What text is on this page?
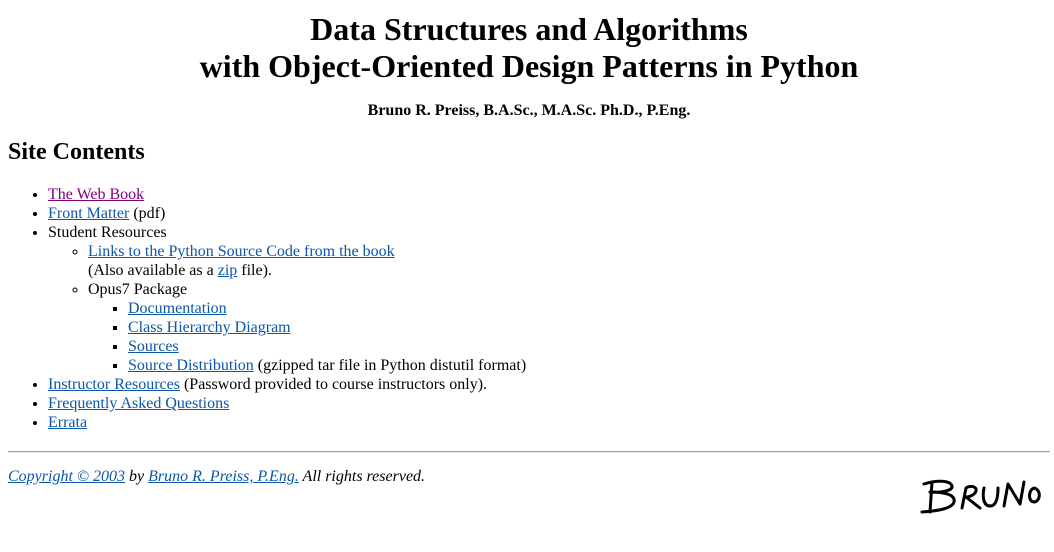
Data Structures and Algorithms
with Object-Oriented Design Patterns in Python

Bruno R. Preiss, B.A.Sc., M.A.Sc. Ph.D., P.Eng.

Site Contents
• The Web Book
• Front Matter (pdf)
• Student Resources
◦ Links to the Python Source Code from the book
(Also available as a zip file).
◦ Opus7 Package
▪ Documentation
▪ Class Hierarchy Diagram
▪ Sources
▪ Source Distribution (gzipped tar file in Python distutil format)
• Instructor Resources (Password provided to course instructors only).
• Frequently Asked Questions
• Errata
Copyright © 2003 by Bruno R. Preiss, P.Eng. All rights reserved.
